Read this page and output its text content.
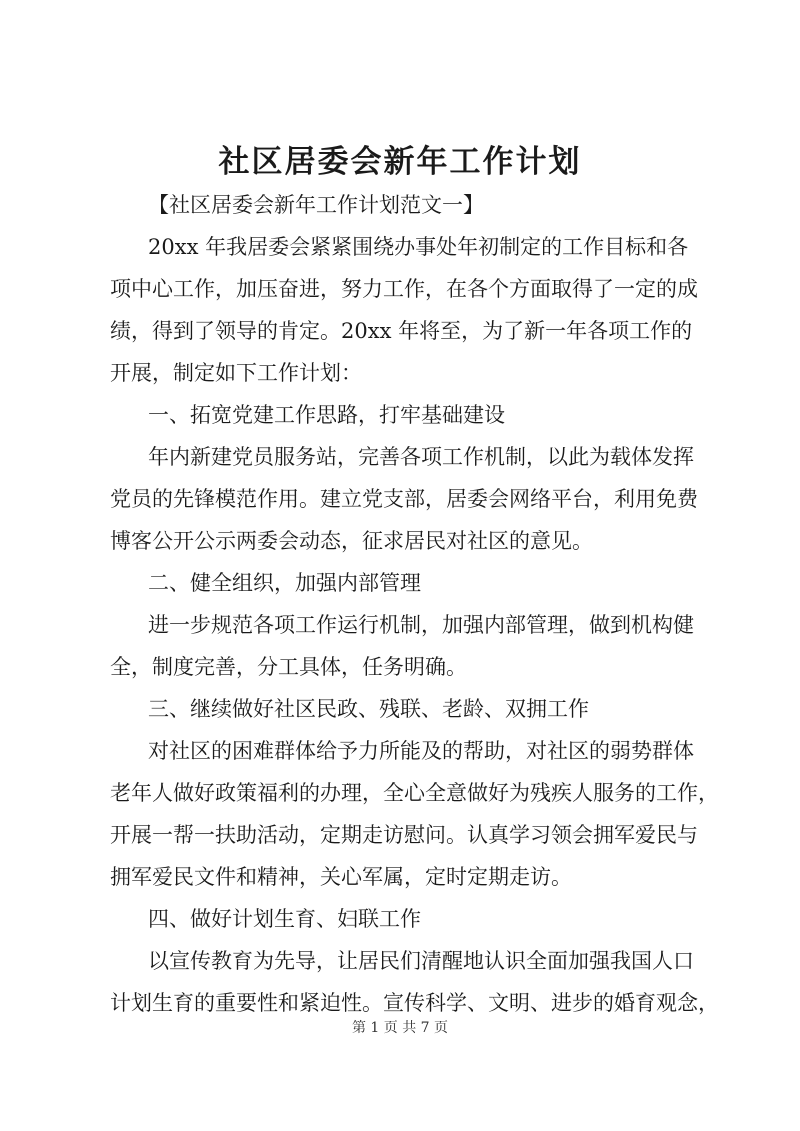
社区居委会新年工作计划
【社区居委会新年工作计划范文一】
20xx 年我居委会紧紧围绕办事处年初制定的工作目标和各
项中心工作，加压奋进，努力工作，在各个方面取得了一定的成
绩，得到了领导的肯定。20xx 年将至，为了新一年各项工作的
开展，制定如下工作计划：
一、拓宽党建工作思路，打牢基础建设
年内新建党员服务站，完善各项工作机制，以此为载体发挥
党员的先锋模范作用。建立党支部，居委会网络平台，利用免费
博客公开公示两委会动态，征求居民对社区的意见。
二、健全组织，加强内部管理
进一步规范各项工作运行机制，加强内部管理，做到机构健
全，制度完善，分工具体，任务明确。
三、继续做好社区民政、残联、老龄、双拥工作
对社区的困难群体给予力所能及的帮助，对社区的弱势群体
老年人做好政策福利的办理，全心全意做好为残疾人服务的工作，
开展一帮一扶助活动，定期走访慰问。认真学习领会拥军爱民与
拥军爱民文件和精神，关心军属，定时定期走访。
四、做好计划生育、妇联工作
以宣传教育为先导，让居民们清醒地认识全面加强我国人口
计划生育的重要性和紧迫性。宣传科学、文明、进步的婚育观念，
第 1 页 共 7 页
